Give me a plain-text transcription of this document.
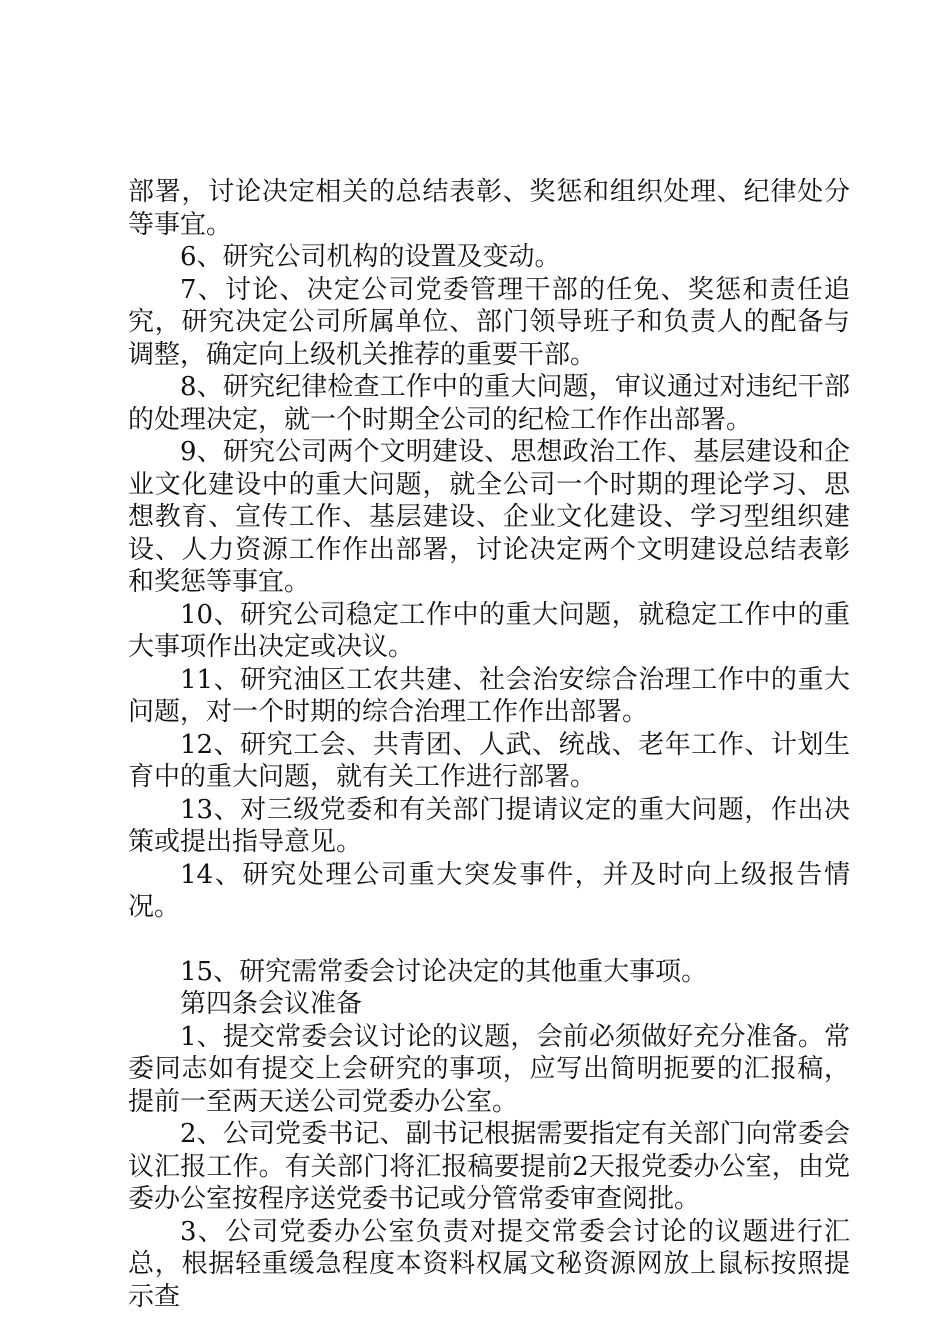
部署，讨论决定相关的总结表彰、奖惩和组织处理、纪律处分等事宜。

6、研究公司机构的设置及变动。

7、讨论、决定公司党委管理干部的任免、奖惩和责任追究，研究决定公司所属单位、部门领导班子和负责人的配备与调整，确定向上级机关推荐的重要干部。

8、研究纪律检查工作中的重大问题，审议通过对违纪干部的处理决定，就一个时期全公司的纪检工作作出部署。

9、研究公司两个文明建设、思想政治工作、基层建设和企业文化建设中的重大问题，就全公司一个时期的理论学习、思想教育、宣传工作、基层建设、企业文化建设、学习型组织建设、人力资源工作作出部署，讨论决定两个文明建设总结表彰和奖惩等事宜。

10、研究公司稳定工作中的重大问题，就稳定工作中的重大事项作出决定或决议。

11、研究油区工农共建、社会治安综合治理工作中的重大问题，对一个时期的综合治理工作作出部署。

12、研究工会、共青团、人武、统战、老年工作、计划生育中的重大问题，就有关工作进行部署。

13、对三级党委和有关部门提请议定的重大问题，作出决策或提出指导意见。

14、研究处理公司重大突发事件，并及时向上级报告情况。

15、研究需常委会讨论决定的其他重大事项。

第四条会议准备

1、提交常委会议讨论的议题，会前必须做好充分准备。常委同志如有提交上会研究的事项，应写出简明扼要的汇报稿，提前一至两天送公司党委办公室。

2、公司党委书记、副书记根据需要指定有关部门向常委会议汇报工作。有关部门将汇报稿要提前2天报党委办公室，由党委办公室按程序送党委书记或分管常委审查阅批。

3、公司党委办公室负责对提交常委会讨论的议题进行汇总，根据轻重缓急程度本资料权属文秘资源网放上鼠标按照提示查
